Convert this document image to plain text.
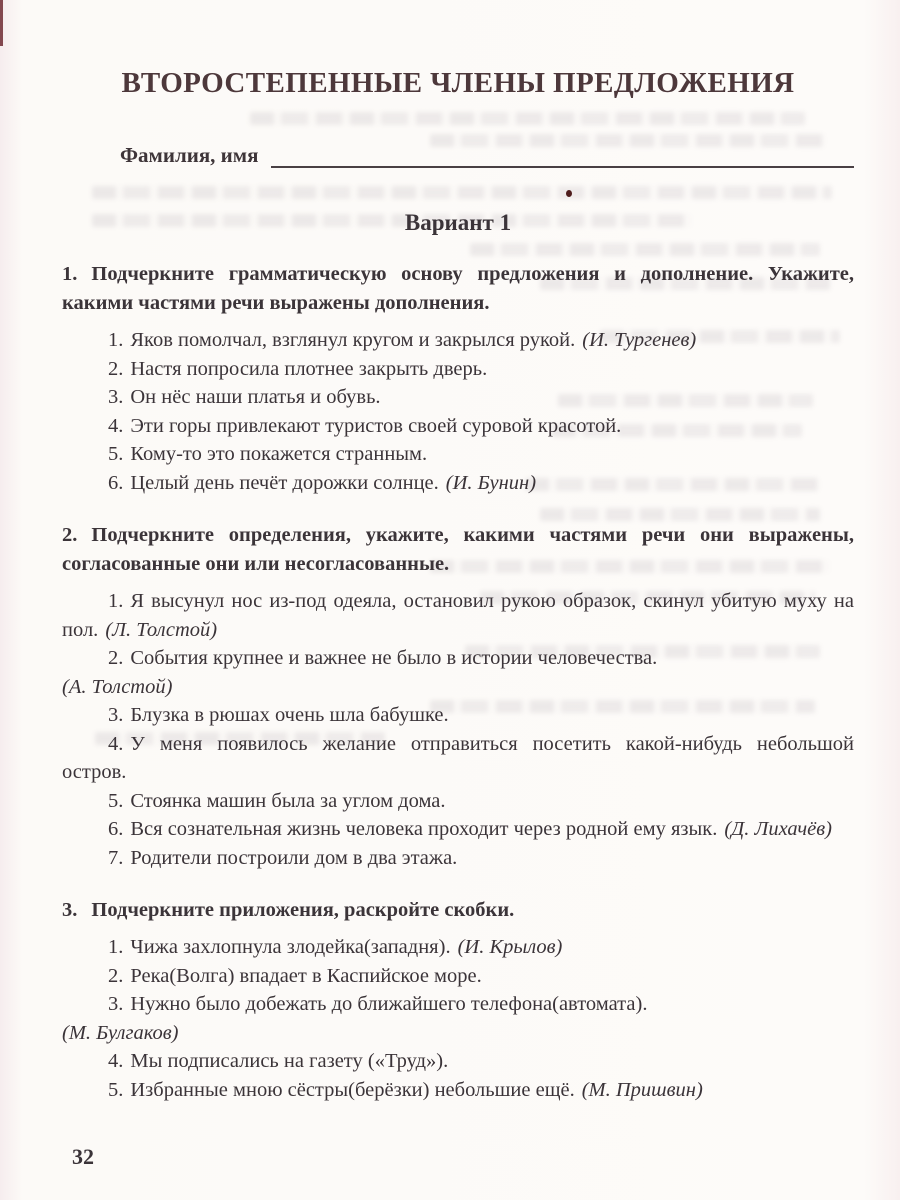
ВТОРОСТЕПЕННЫЕ ЧЛЕНЫ ПРЕДЛОЖЕНИЯ
Фамилия, имя
Вариант 1

1. Подчеркните грамматическую основу предложения и дополнение. Укажите, какими частями речи выражены дополнения.

1. Яков помолчал, взглянул кругом и закрылся рукой. (И. Тургенев)

2. Настя попросила плотнее закрыть дверь.

3. Он нёс наши платья и обувь.

4. Эти горы привлекают туристов своей суровой красотой.

5. Кому-то это покажется странным.

6. Целый день печёт дорожки солнце. (И. Бунин)

2. Подчеркните определения, укажите, какими частями речи они выражены, согласованные они или несогласованные.

1. Я высунул нос из-под одеяла, остановил рукою образок, скинул убитую муху на пол. (Л. Толстой)

2. События крупнее и важнее не было в истории человечества.
(А. Толстой)

3. Блузка в рюшах очень шла бабушке.

4. У меня появилось желание отправиться посетить какой-нибудь небольшой остров.

5. Стоянка машин была за углом дома.

6. Вся сознательная жизнь человека проходит через родной ему язык. (Д. Лихачёв)

7. Родители построили дом в два этажа.

3. Подчеркните приложения, раскройте скобки.

1. Чижа захлопнула злодейка(западня). (И. Крылов)

2. Река(Волга) впадает в Каспийское море.

3. Нужно было добежать до ближайшего телефона(автомата).
(М. Булгаков)

4. Мы подписались на газету («Труд»).

5. Избранные мною сёстры(берёзки) небольшие ещё. (М. Пришвин)

32
